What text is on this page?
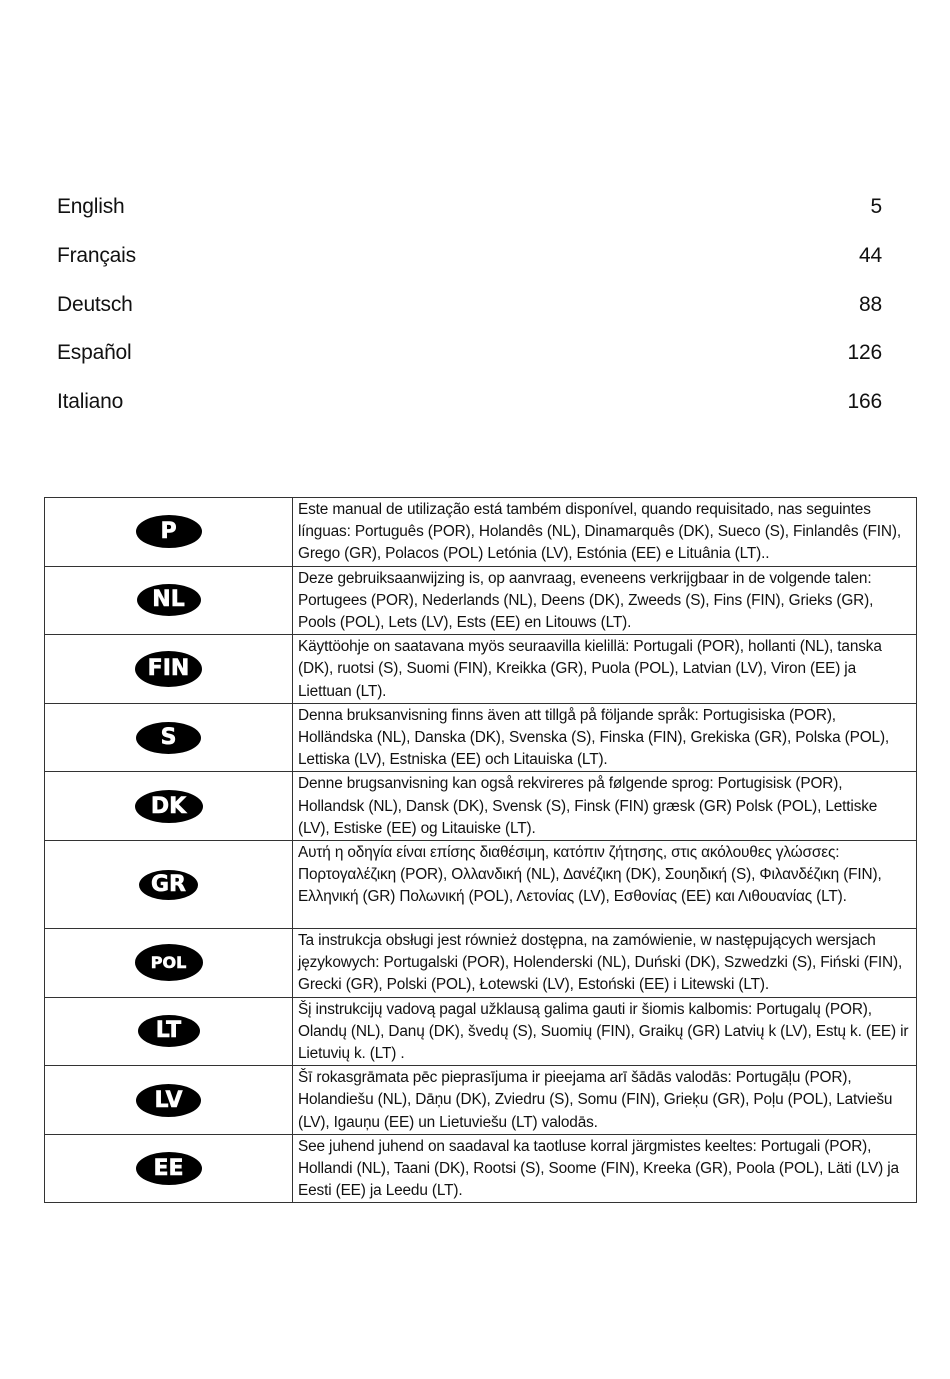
English	5
Français	44
Deutsch	88
Español	126
Italiano	166
P	Este manual de utilização está também disponível, quando requisitado, nas seguintes línguas: Português (POR), Holandês (NL), Dinamarquês (DK), Sueco (S), Finlandês (FIN), Grego (GR), Polacos (POL) Letónia (LV), Estónia (EE) e Lituânia (LT)..
NL	Deze gebruiksaanwijzing is, op aanvraag, eveneens verkrijgbaar in de volgende talen: Portugees (POR), Nederlands (NL), Deens (DK), Zweeds (S), Fins (FIN), Grieks (GR), Pools (POL), Lets (LV), Ests (EE) en Litouws (LT).
FIN	Käyttöohje on saatavana myös seuraavilla kielillä: Portugali (POR), hollanti (NL), tanska (DK), ruotsi (S), Suomi (FIN), Kreikka (GR), Puola (POL), Latvian (LV), Viron (EE) ja Liettuan (LT).
S	Denna bruksanvisning finns även att tillgå på följande språk: Portugisiska (POR), Holländska (NL), Danska (DK), Svenska (S), Finska (FIN), Grekiska (GR), Polska (POL), Lettiska (LV), Estniska (EE) och Litauiska (LT).
DK	Denne brugsanvisning kan også rekvireres på følgende sprog: Portugisisk (POR), Hollandsk (NL), Dansk (DK), Svensk (S), Finsk (FIN) græsk (GR) Polsk (POL), Lettiske (LV), Estiske (EE) og Litauiske (LT).
GR	Αυτή η οδηγία είναι επίσης διαθέσιμη, κατόπιν ζήτησης, στις ακόλουθες γλώσσες: Πορτογαλέζικη (POR), Ολλανδική (NL), ∆ανέζικη (DK), Σουηδική (S), Φιλανδέζικη (FIN), Ελληνική (GR) Πολωνική (POL), Λετονίας (LV), Εσθονίας (EE) και Λιθουανίας (LT).
POL	Ta instrukcja obsługi jest również dostępna, na zamówienie, w następujących wersjach językowych: Portugalski (POR), Holenderski (NL), Duński (DK), Szwedzki (S), Fiński (FIN), Grecki (GR), Polski (POL), Łotewski (LV), Estoński (EE) i Litewski (LT).
LT	Šį instrukcijų vadovą pagal užklausą galima gauti ir šiomis kalbomis: Portugalų (POR), Olandų (NL), Danų (DK), švedų (S), Suomių (FIN), Graikų (GR) Latvių k (LV), Estų k. (EE) ir Lietuvių k. (LT) .
LV	Šī rokasgrāmata pēc pieprasījuma ir pieejama arī šādās valodās: Portugāļu (POR), Holandiešu (NL), Dāņu (DK), Zviedru (S), Somu (FIN), Grieķu (GR), Poļu (POL), Latviešu (LV), Igauņu (EE) un Lietuviešu (LT) valodās.
EE	See juhend juhend on saadaval ka taotluse korral järgmistes keeltes: Portugali (POR), Hollandi (NL), Taani (DK), Rootsi (S), Soome (FIN), Kreeka (GR), Poola (POL), Läti (LV) ja Eesti (EE) ja Leedu (LT).
